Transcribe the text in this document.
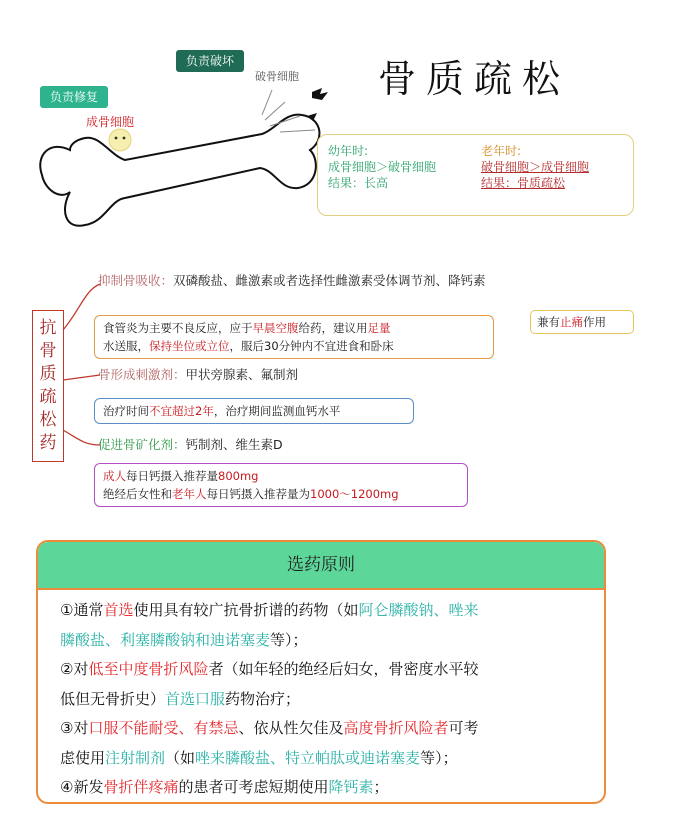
骨质疏松
负责破坏
负责修复
破骨细胞
成骨细胞
幼年时:
成骨细胞＞破骨细胞
结果：长高
老年时:
破骨细胞＞成骨细胞
结果：骨质疏松
抗
骨
质
疏
松
药
抑制骨吸收：双磷酸盐、雌激素或者选择性雌激素受体调节剂、降钙素
兼有止痛作用
食管炎为主要不良反应，应于早晨空腹给药，建议用足量
水送服，保持坐位或立位，服后30分钟内不宜进食和卧床
骨形成刺激剂：甲状旁腺素、氟制剂
治疗时间不宜超过2年，治疗期间监测血钙水平
促进骨矿化剂：钙制剂、维生素D
成人每日钙摄入推荐量800mg
绝经后女性和老年人每日钙摄入推荐量为1000～1200mg
选药原则
①通常首选使用具有较广抗骨折谱的药物（如阿仑膦酸钠、唑来
膦酸盐、利塞膦酸钠和迪诺塞麦等）；
②对低至中度骨折风险者（如年轻的绝经后妇女，骨密度水平较
低但无骨折史）首选口服药物治疗；
③对口服不能耐受、有禁忌、依从性欠佳及高度骨折风险者可考
虑使用注射制剂（如唑来膦酸盐、特立帕肽或迪诺塞麦等）；
④新发骨折伴疼痛的患者可考虑短期使用降钙素；
